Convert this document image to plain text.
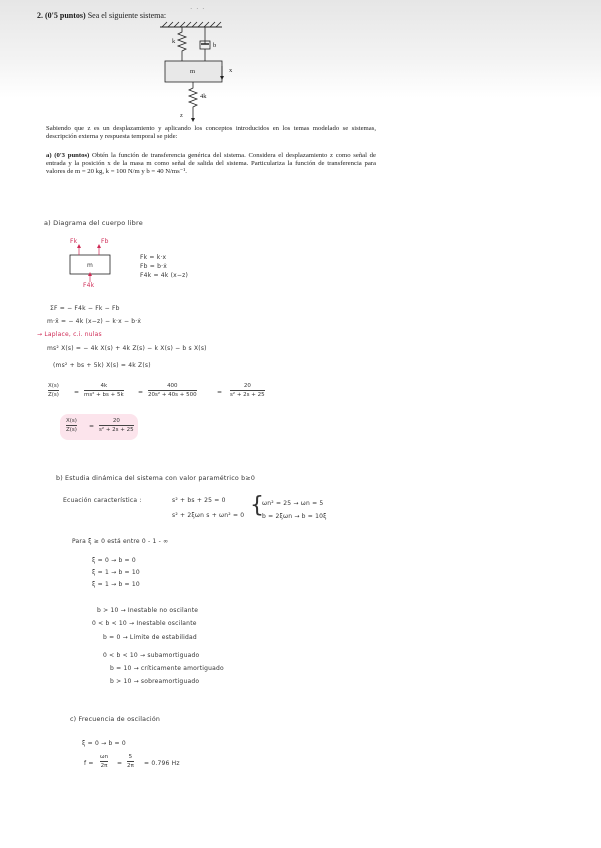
2. (0'5 puntos) Sea el siguiente sistema:
· · ·
k
b
m	x
4k
z
Sabiendo que z es un desplazamiento y aplicando los conceptos introducidos en los temas modelado se sistemas, descripción externa y respuesta temporal se pide:
a) (0'3 puntos) Obtén la función de transferencia genérica del sistema. Considera el desplazamiento z como señal de entrada y la posición x de la masa m como señal de salida del sistema. Particulariza la función de transferencia para valores de m = 20 kg, k = 100 N/m y b = 40 N/ms⁻¹.
a) Diagrama del cuerpo libre
Fk	Fb
F4k
m
Fk = k·x
Fb = b·ẋ
F4k = 4k (x−z)
ΣF = − F4k − Fk − Fb
m·ẍ = − 4k (x−z) − k·x − b·ẋ
→ Laplace, c.i. nulas
ms² X(s) = − 4k X(s) + 4k Z(s) − k X(s) − b s X(s)
(ms² + bs + 5k) X(s) = 4k Z(s)
X(s)
Z(s)	=
4k
ms² + bs + 5k =
400
20s² + 40s + 500	=
20
s² + 2s + 25
X(s)
Z(s) =
20
s² + 2s + 25
b) Estudia dinámica del sistema con valor paramétrico b≥0
Ecuación característica :	s² + bs + 25 = 0
s² + 2ξωn s + ωn² = 0 {
ωn² = 25 → ωn = 5
b = 2ξωn → b = 10ξ
Para ξ ≥ 0 está entre 0 - 1 - ∞
ξ = 0 → b = 0
ξ = 1 → b = 10
ξ = 1 → b = 10
b > 10 → Inestable no oscilante
0 < b < 10 → Inestable oscilante
b = 0 → Límite de estabilidad
0 < b < 10 → subamortiguado
b = 10 → críticamente amortiguado
b > 10 → sobreamortiguado
c) Frecuencia de oscilación
ξ = 0 → b = 0
f =
ωn
2π =
5
2π = 0.796 Hz
